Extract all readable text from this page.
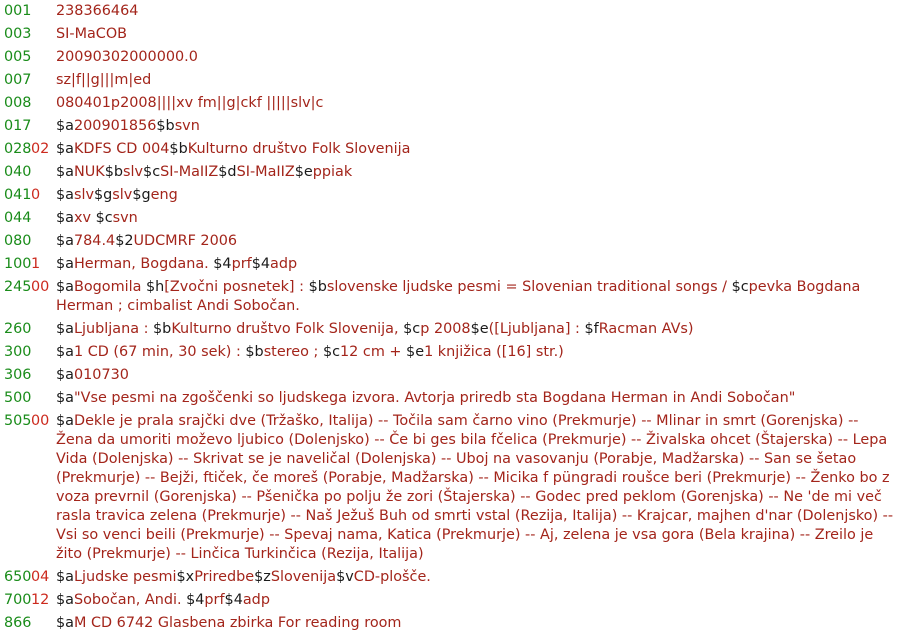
001 238366464
003 SI-MaCOB
005 20090302000000.0
007 sz|f||g|||m|ed
008 080401p2008||||xv fm||g|ckf |||||slv|c
017 $a200901856$bsvn
028 02 $aKDFS CD 004$bKulturno društvo Folk Slovenija
040 $aNUK$bslv$cSI-MaIIZ$dSI-MaIIZ$eppiak
041 0	$aslv$gslv$geng
044 $axv $csvn
080 $a784.4$2UDCMRF 2006
100 1	$aHerman, Bogdana. $4prf$4adp
245 00 $aBogomila $h[Zvočni posnetek] : $bslovenske ljudske pesmi = Slovenian traditional songs / $cpevka Bogdana Herman ; cimbalist Andi Sobočan.
260 $aLjubljana : $bKulturno društvo Folk Slovenija, $cp 2008$e([Ljubljana] : $fRacman AVs)
300 $a1 CD (67 min, 30 sek) : $bstereo ; $c12 cm + $e1 knjižica ([16] str.)
306 $a010730
500 $a"Vse pesmi na zgoščenki so ljudskega izvora. Avtorja priredb sta Bogdana Herman in Andi Sobočan"
505 00 $aDekle je prala srajčki dve (Tržaško, Italija) -- Točila sam čarno vino (Prekmurje) -- Mlinar in smrt (Gorenjska) -- Žena da umoriti moževo ljubico (Dolenjsko) -- Če bi ges bila fčelica (Prekmurje) -- Živalska ohcet (Štajerska) -- Lepa Vida (Dolenjska) -- Skrivat se je naveličal (Dolenjska) -- Uboj na vasovanju (Porabje, Madžarska) -- San se šetao (Prekmurje) -- Bejži, ftiček, če moreš (Porabje, Madžarska) -- Micika f püngradi roušce beri (Prekmurje) -- Ženko bo z voza prevrnil (Gorenjska) -- Pšenička po polju že zori (Štajerska) -- Godec pred peklom (Gorenjska) -- Ne 'de mi več rasla travica zelena (Prekmurje) -- Naš Ježuš Buh od smrti vstal (Rezija, Italija) -- Krajcar, majhen d'nar (Dolenjsko) -- Vsi so venci beili (Prekmurje) -- Spevaj nama, Katica (Prekmurje) -- Aj, zelena je vsa gora (Bela krajina) -- Zreilo je žito (Prekmurje) -- Linčica Turkinčica (Rezija, Italija)
650 04 $aLjudske pesmi$xPriredbe$zSlovenija$vCD-plošče.
700 12 $aSobočan, Andi. $4prf$4adp
866 $aM CD 6742 Glasbena zbirka For reading room
